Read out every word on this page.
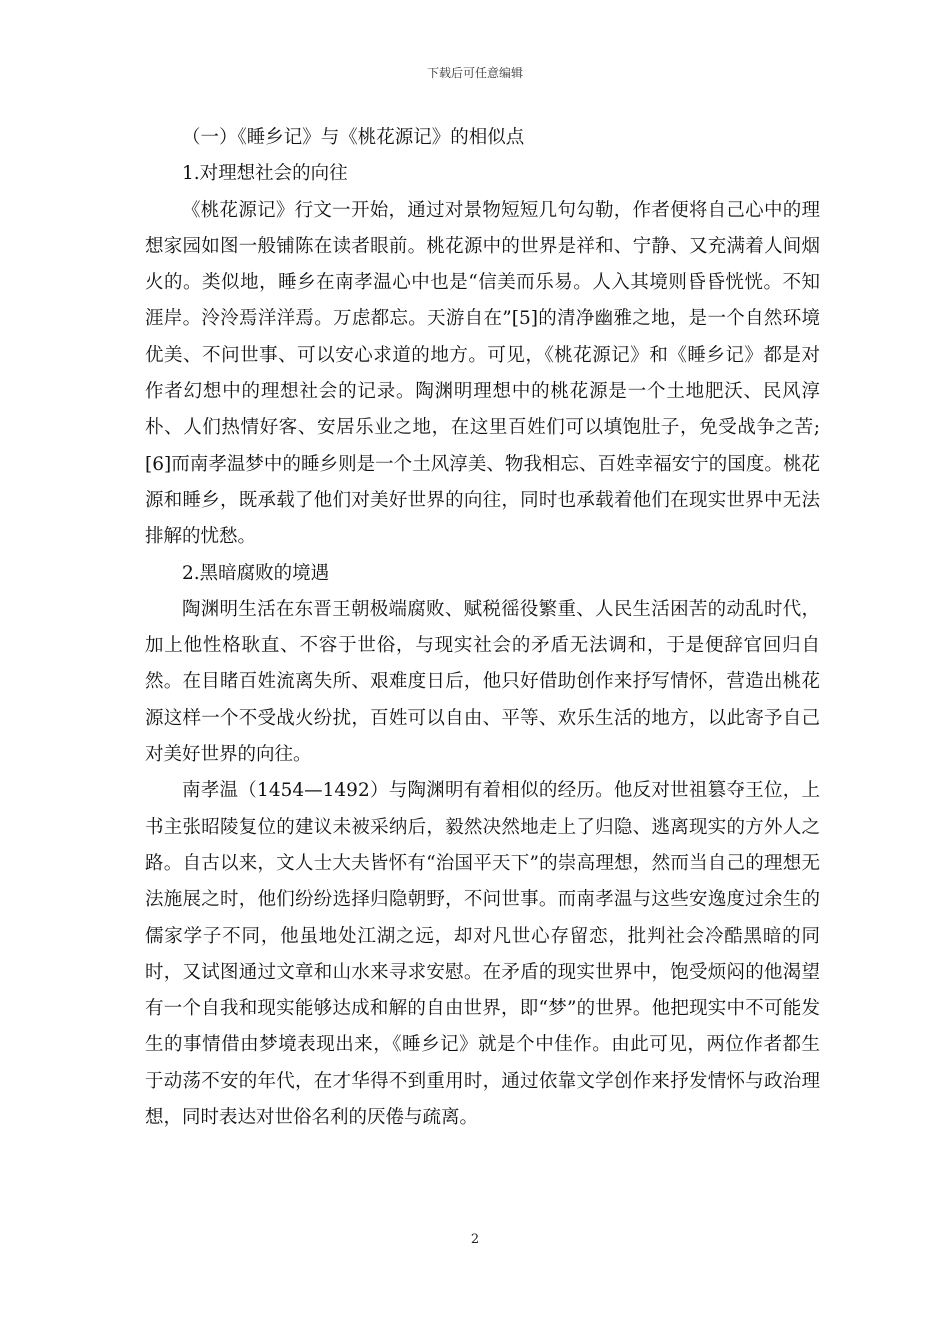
下载后可任意编辑

（一）《睡乡记》与《桃花源记》的相似点

1.对理想社会的向往

《桃花源记》行文一开始，通过对景物短短几句勾勒，作者便将自己心中的理想家园如图一般铺陈在读者眼前。桃花源中的世界是祥和、宁静、又充满着人间烟火的。类似地，睡乡在南孝温心中也是“信美而乐易。人入其境则昏昏恍恍。不知涯岸。泠泠焉洋洋焉。万虑都忘。天游自在”[5]的清净幽雅之地，是一个自然环境优美、不问世事、可以安心求道的地方。可见，《桃花源记》和《睡乡记》都是对作者幻想中的理想社会的记录。陶渊明理想中的桃花源是一个土地肥沃、民风淳朴、人们热情好客、安居乐业之地，在这里百姓们可以填饱肚子，免受战争之苦;[6]而南孝温梦中的睡乡则是一个土风淳美、物我相忘、百姓幸福安宁的国度。桃花源和睡乡，既承载了他们对美好世界的向往，同时也承载着他们在现实世界中无法排解的忧愁。

2.黑暗腐败的境遇

陶渊明生活在东晋王朝极端腐败、赋税徭役繁重、人民生活困苦的动乱时代，加上他性格耿直、不容于世俗，与现实社会的矛盾无法调和，于是便辞官回归自然。在目睹百姓流离失所、艰难度日后，他只好借助创作来抒写情怀，营造出桃花源这样一个不受战火纷扰，百姓可以自由、平等、欢乐生活的地方，以此寄予自己对美好世界的向往。

南孝温（1454—1492）与陶渊明有着相似的经历。他反对世祖篡夺王位，上书主张昭陵复位的建议未被采纳后，毅然决然地走上了归隐、逃离现实的方外人之路。自古以来，文人士大夫皆怀有“治国平天下”的崇高理想，然而当自己的理想无法施展之时，他们纷纷选择归隐朝野，不问世事。而南孝温与这些安逸度过余生的儒家学子不同，他虽地处江湖之远，却对凡世心存留恋，批判社会冷酷黑暗的同时，又试图通过文章和山水来寻求安慰。在矛盾的现实世界中，饱受烦闷的他渴望有一个自我和现实能够达成和解的自由世界，即“梦”的世界。他把现实中不可能发生的事情借由梦境表现出来，《睡乡记》就是个中佳作。由此可见，两位作者都生于动荡不安的年代，在才华得不到重用时，通过依靠文学创作来抒发情怀与政治理想，同时表达对世俗名利的厌倦与疏离。

2
